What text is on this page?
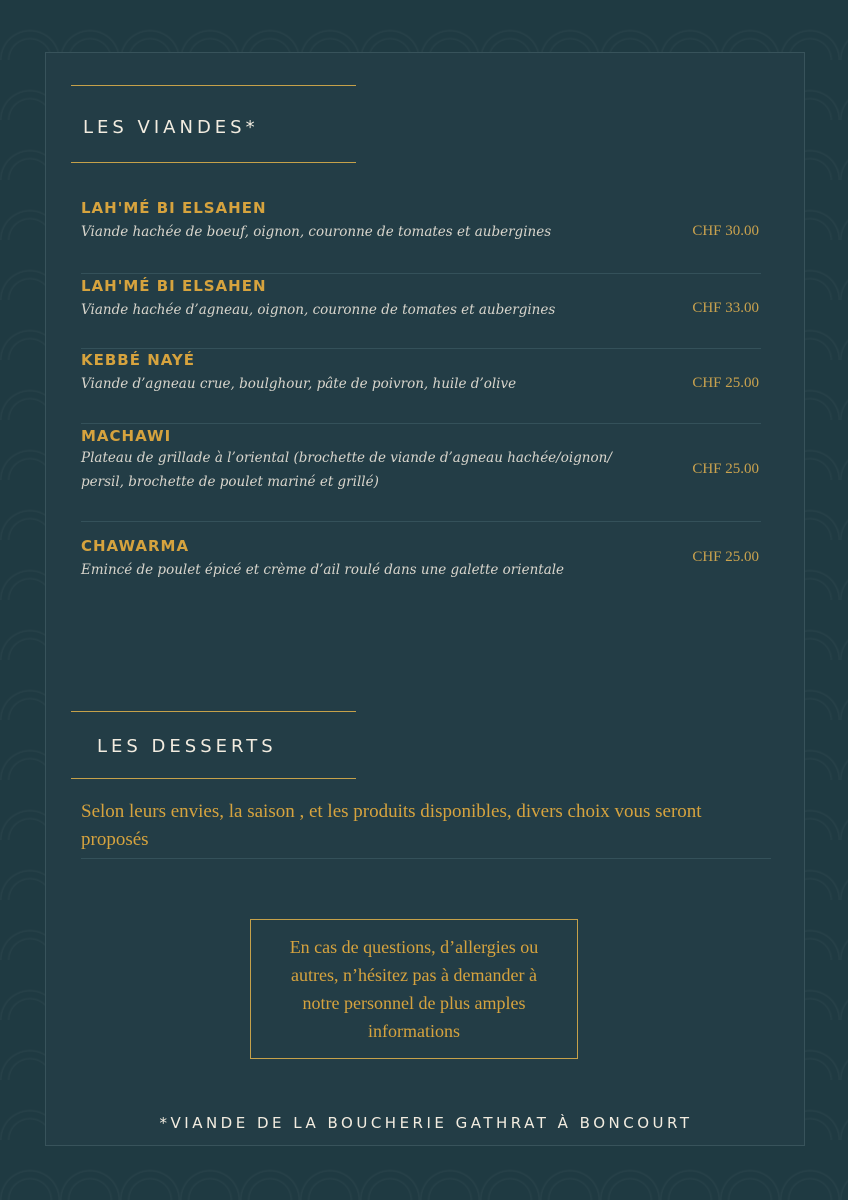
LES VIANDES*
LAH'MÉ BI ELSAHEN
Viande hachée de boeuf, oignon, couronne de tomates et aubergines	CHF 30.00
LAH'MÉ BI ELSAHEN
Viande hachée d’agneau, oignon, couronne de tomates et aubergines	CHF 33.00
KEBBÉ NAYÉ
Viande d’agneau crue, boulghour, pâte de poivron, huile d’olive	CHF 25.00
MACHAWI
Plateau de grillade à l’oriental (brochette de viande d’agneau hachée/oignon/ persil, brochette de poulet mariné et grillé)
CHF 25.00
CHAWARMA
Emincé de poulet épicé et crème d’ail roulé dans une galette orientale
CHF 25.00
LES DESSERTS
Selon leurs envies, la saison , et les produits disponibles, divers choix vous seront proposés
En cas de questions, d’allergies ou autres, n’hésitez pas à demander à notre personnel de plus amples informations
*VIANDE DE LA BOUCHERIE GATHRAT À BONCOURT
